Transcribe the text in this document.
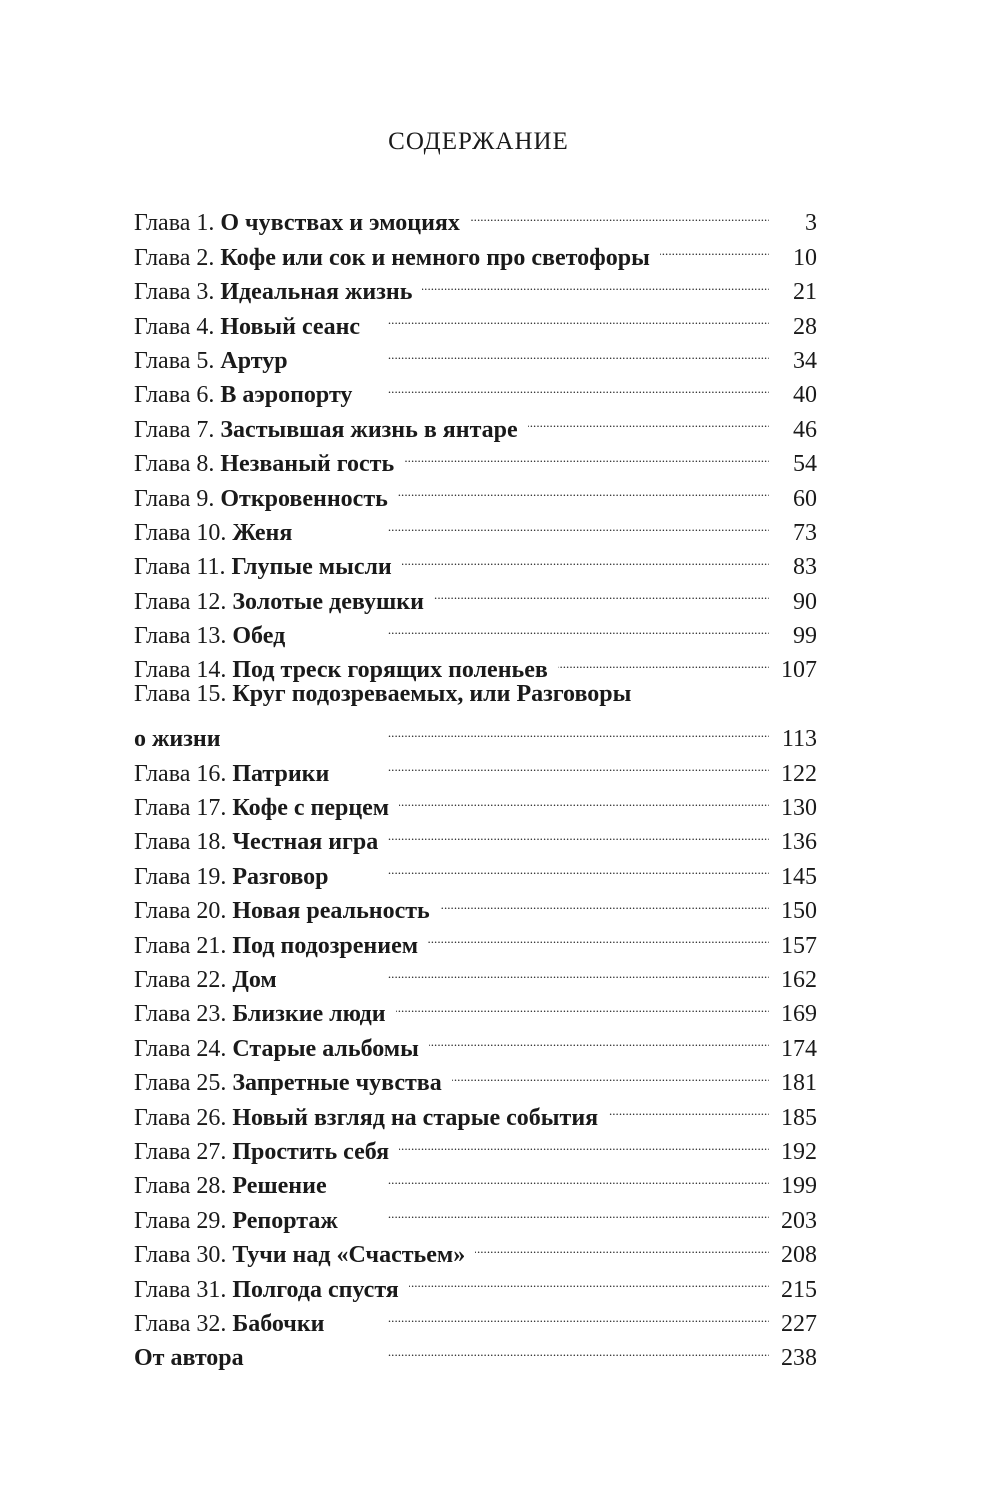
СОДЕРЖАНИЕ
Глава 1. О чувствах и эмоциях . . .	3
Глава 2. Кофе или сок и немного про светофоры . . .	10
Глава 3. Идеальная жизнь . . .	21
Глава 4. Новый сеанс . . .	28
Глава 5. Артур . . .	34
Глава 6. В аэропорту . . .	40
Глава 7. Застывшая жизнь в янтаре . . .	46
Глава 8. Незваный гость . . .	54
Глава 9. Откровенность . . .	60
Глава 10. Женя . . .	73
Глава 11. Глупые мысли . . .	83
Глава 12. Золотые девушки . . .	90
Глава 13. Обед . . .	99
Глава 14. Под треск горящих поленьев . . .	107
Глава 15. Круг подозреваемых, или Разговоры
о жизни . . .	113
Глава 16. Патрики . . .	122
Глава 17. Кофе с перцем . . .	130
Глава 18. Честная игра . . .	136
Глава 19. Разговор . . .	145
Глава 20. Новая реальность . . .	150
Глава 21. Под подозрением . . .	157
Глава 22. Дом . . .	162
Глава 23. Близкие люди . . .	169
Глава 24. Старые альбомы . . .	174
Глава 25. Запретные чувства . . .	181
Глава 26. Новый взгляд на старые события . . .	185
Глава 27. Простить себя . . .	192
Глава 28. Решение . . .	199
Глава 29. Репортаж . . .	203
Глава 30. Тучи над «Счастьем» . . .	208
Глава 31. Полгода спустя . . .	215
Глава 32. Бабочки . . .	227
От автора . . .	238
